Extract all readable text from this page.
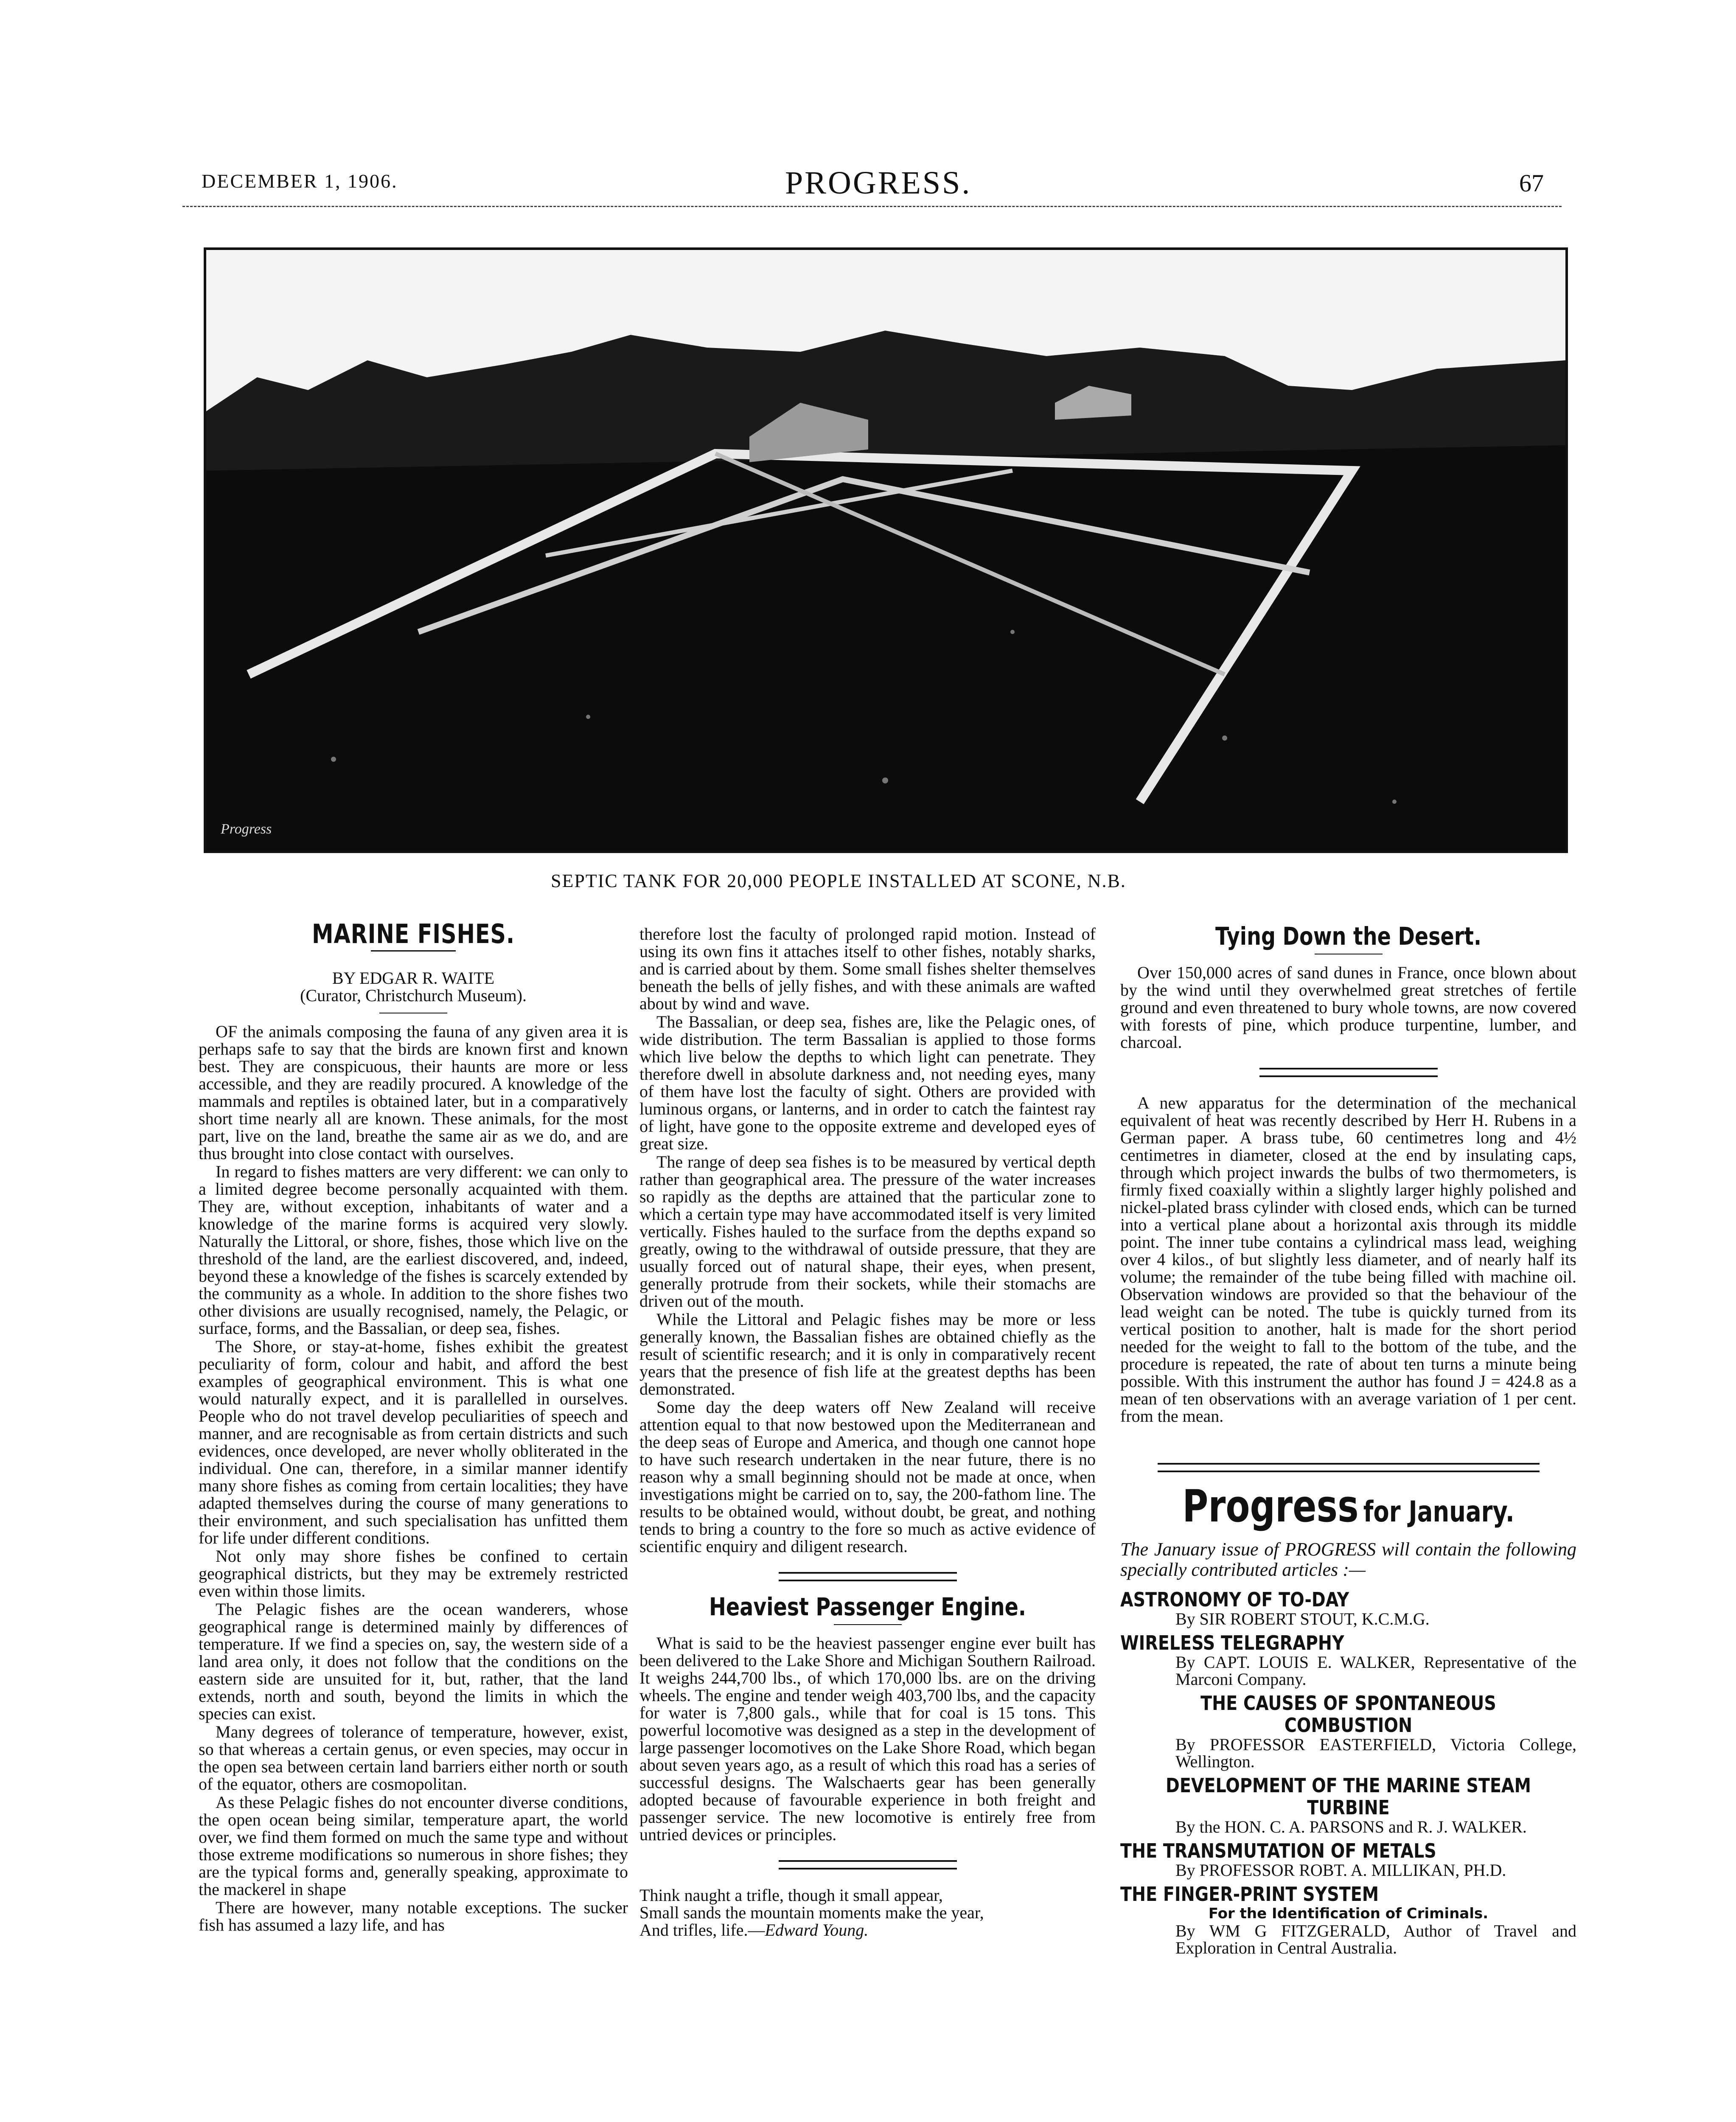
DECEMBER 1, 1906.	PROGRESS.	67
Progress
SEPTIC TANK FOR 20,000 PEOPLE INSTALLED AT SCONE, N.B.
MARINE FISHES.
BY EDGAR R. WAITE
(Curator, Christchurch Museum).

OF the animals composing the fauna of any given area it is perhaps safe to say that the birds are known first and known best. They are conspicuous, their haunts are more or less accessible, and they are readily procured. A knowledge of the mammals and reptiles is obtained later, but in a comparatively short time nearly all are known. These animals, for the most part, live on the land, breathe the same air as we do, and are thus brought into close contact with ourselves.

In regard to fishes matters are very different: we can only to a limited degree become personally acquainted with them. They are, without exception, inhabitants of water and a knowledge of the marine forms is acquired very slowly. Naturally the Littoral, or shore, fishes, those which live on the threshold of the land, are the earliest discovered, and, indeed, beyond these a knowledge of the fishes is scarcely extended by the community as a whole. In addition to the shore fishes two other divisions are usually recognised, namely, the Pelagic, or surface, forms, and the Bassalian, or deep sea, fishes.

The Shore, or stay-at-home, fishes exhibit the greatest peculiarity of form, colour and habit, and afford the best examples of geographical environment. This is what one would naturally expect, and it is parallelled in ourselves. People who do not travel develop peculiarities of speech and manner, and are recognisable as from certain districts and such evidences, once developed, are never wholly obliterated in the individual. One can, therefore, in a similar manner identify many shore fishes as coming from certain localities; they have adapted themselves during the course of many generations to their environment, and such specialisation has unfitted them for life under different conditions.

Not only may shore fishes be confined to certain geographical districts, but they may be extremely restricted even within those limits.

The Pelagic fishes are the ocean wanderers, whose geographical range is determined mainly by differences of temperature. If we find a species on, say, the western side of a land area only, it does not follow that the conditions on the eastern side are unsuited for it, but, rather, that the land extends, north and south, beyond the limits in which the species can exist.

Many degrees of tolerance of temperature, however, exist, so that whereas a certain genus, or even species, may occur in the open sea between certain land barriers either north or south of the equator, others are cosmopolitan.

As these Pelagic fishes do not encounter diverse conditions, the open ocean being similar, temperature apart, the world over, we find them formed on much the same type and without those extreme modifications so numerous in shore fishes; they are the typical forms and, generally speaking, approximate to the mackerel in shape

There are however, many notable exceptions. The sucker fish has assumed a lazy life, and has

therefore lost the faculty of prolonged rapid motion. Instead of using its own fins it attaches itself to other fishes, notably sharks, and is carried about by them. Some small fishes shelter themselves beneath the bells of jelly fishes, and with these animals are wafted about by wind and wave.

The Bassalian, or deep sea, fishes are, like the Pelagic ones, of wide distribution. The term Bassalian is applied to those forms which live below the depths to which light can penetrate. They therefore dwell in absolute darkness and, not needing eyes, many of them have lost the faculty of sight. Others are provided with luminous organs, or lanterns, and in order to catch the faintest ray of light, have gone to the opposite extreme and developed eyes of great size.

The range of deep sea fishes is to be measured by vertical depth rather than geographical area. The pressure of the water increases so rapidly as the depths are attained that the particular zone to which a certain type may have accommodated itself is very limited vertically. Fishes hauled to the surface from the depths expand so greatly, owing to the withdrawal of outside pressure, that they are usually forced out of natural shape, their eyes, when present, generally protrude from their sockets, while their stomachs are driven out of the mouth.

While the Littoral and Pelagic fishes may be more or less generally known, the Bassalian fishes are obtained chiefly as the result of scientific research; and it is only in comparatively recent years that the presence of fish life at the greatest depths has been demonstrated.

Some day the deep waters off New Zealand will receive attention equal to that now bestowed upon the Mediterranean and the deep seas of Europe and America, and though one cannot hope to have such research undertaken in the near future, there is no reason why a small beginning should not be made at once, when investigations might be carried on to, say, the 200-fathom line. The results to be obtained would, without doubt, be great, and nothing tends to bring a country to the fore so much as active evidence of scientific enquiry and diligent research.

Heaviest Passenger Engine.

What is said to be the heaviest passenger engine ever built has been delivered to the Lake Shore and Michigan Southern Railroad. It weighs 244,700 lbs., of which 170,000 lbs. are on the driving wheels. The engine and tender weigh 403,700 lbs, and the capacity for water is 7,800 gals., while that for coal is 15 tons. This powerful locomotive was designed as a step in the development of large passenger locomotives on the Lake Shore Road, which began about seven years ago, as a result of which this road has a series of successful designs. The Walschaerts gear has been generally adopted because of favourable experience in both freight and passenger service. The new locomotive is entirely free from untried devices or principles.

Think naught a trifle, though it small appear,
Small sands the mountain moments make the year,
And trifles, life.—Edward Young.
Tying Down the Desert.

Over 150,000 acres of sand dunes in France, once blown about by the wind until they overwhelmed great stretches of fertile ground and even threatened to bury whole towns, are now covered with forests of pine, which produce turpentine, lumber, and charcoal.

A new apparatus for the determination of the mechanical equivalent of heat was recently described by Herr H. Rubens in a German paper. A brass tube, 60 centimetres long and 4½ centimetres in diameter, closed at the end by insulating caps, through which project inwards the bulbs of two thermometers, is firmly fixed coaxially within a slightly larger highly polished and nickel-plated brass cylinder with closed ends, which can be turned into a vertical plane about a horizontal axis through its middle point. The inner tube contains a cylindrical mass lead, weighing over 4 kilos., of but slightly less diameter, and of nearly half its volume; the remainder of the tube being filled with machine oil. Observation windows are provided so that the behaviour of the lead weight can be noted. The tube is quickly turned from its vertical position to another, halt is made for the short period needed for the weight to fall to the bottom of the tube, and the procedure is repeated, the rate of about ten turns a minute being possible. With this instrument the author has found J = 424.8 as a mean of ten observations with an average variation of 1 per cent. from the mean.

Progress for January.
The January issue of PROGRESS will contain the following specially contributed articles :—
ASTRONOMY OF TO-DAY
By SIR ROBERT STOUT, K.C.M.G.
WIRELESS TELEGRAPHY
By CAPT. LOUIS E. WALKER, Representative of the Marconi Company.
THE CAUSES OF SPONTANEOUS COMBUSTION
By PROFESSOR EASTERFIELD, Victoria College, Wellington.
DEVELOPMENT OF THE MARINE STEAM TURBINE
By the HON. C. A. PARSONS and R. J. WALKER.
THE TRANSMUTATION OF METALS
By PROFESSOR ROBT. A. MILLIKAN, PH.D.
THE FINGER-PRINT SYSTEM
For the Identification of Criminals.
By WM G FITZGERALD, Author of Travel and Exploration in Central Australia.
